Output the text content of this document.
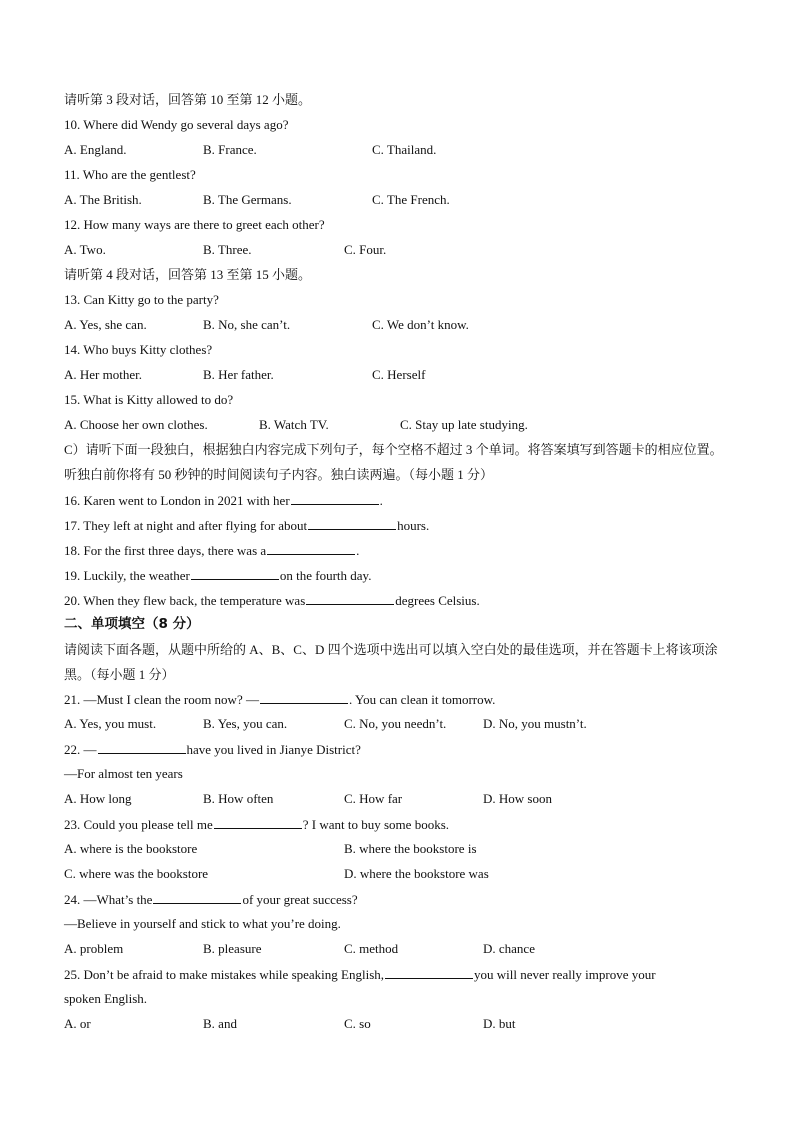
请听第 3 段对话，回答第 10 至第 12 小题。
10. Where did Wendy go several days ago?
A. England.	B. France.	C. Thailand.
11. Who are the gentlest?
A. The British.	B. The Germans.	C. The French.
12. How many ways are there to greet each other?
A. Two.	B. Three.	C. Four.
请听第 4 段对话，回答第 13 至第 15 小题。
13. Can Kitty go to the party?
A. Yes, she can.	B. No, she can’t.	C. We don’t know.
14. Who buys Kitty clothes?
A. Her mother.	B. Her father.	C. Herself
15. What is Kitty allowed to do?
A. Choose her own clothes.	B. Watch TV.	C. Stay up late studying.
C）请听下面一段独白，根据独白内容完成下列句子，每个空格不超过 3 个单词。将答案填写到答题卡的相应位置。听独白前你将有 50 秒钟的时间阅读句子内容。独白读两遍。（每小题 1 分）
16. Karen went to London in 2021 with her	.
17. They left at night and after flying for about	hours.
18. For the first three days, there was a	.
19. Luckily, the weather	on the fourth day.
20. When they flew back, the temperature was	degrees Celsius.
二、单项填空（8 分）
请阅读下面各题，从题中所给的 A、B、C、D 四个选项中选出可以填入空白处的最佳选项，并在答题卡上将该项涂黑。（每小题 1 分）
21. —Must I clean the room now? —	. You can clean it tomorrow.
A. Yes, you must.	B. Yes, you can.	C. No, you needn’t.	D. No, you mustn’t.
22. —	have you lived in Jianye District?
—For almost ten years
A. How long	B. How often	C. How far	D. How soon
23. Could you please tell me	? I want to buy some books.
A. where is the bookstore	B. where the bookstore is
C. where was the bookstore	D. where the bookstore was
24. —What’s the	of your great success?
—Believe in yourself and stick to what you’re doing.
A. problem	B. pleasure	C. method	D. chance
25. Don’t be afraid to make mistakes while speaking English,	you will never really improve your
spoken English.
A. or	B. and	C. so	D. but
